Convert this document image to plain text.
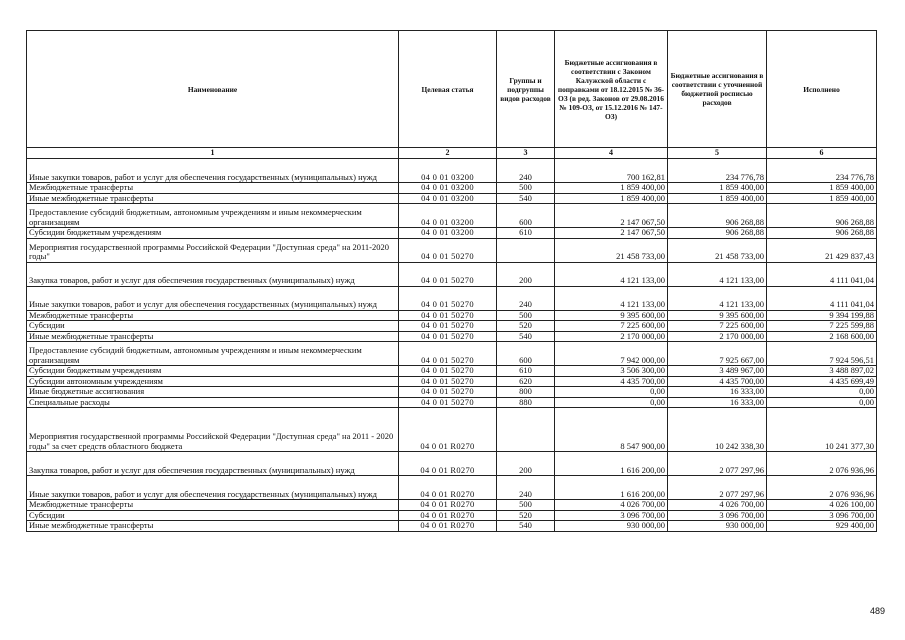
Наименование	Целевая статья	Группы и подгруппы видов расходов	Бюджетные ассигнования в соответствии с Законом Калужской области с поправками от 18.12.2015 № 36-ОЗ (в ред. Законов от 29.08.2016 № 109-ОЗ, от 15.12.2016 № 147-ОЗ)	Бюджетные ассигнования в соответствии с уточненной бюджетной росписью расходов	Исполнено
1	2	3	4	5	6
Иные закупки товаров, работ и услуг для обеспечения государственных (муниципальных) нужд	04 0 01 03200	240	700 162,81	234 776,78	234 776,78
Межбюджетные трансферты	04 0 01 03200	500	1 859 400,00	1 859 400,00	1 859 400,00
Иные межбюджетные трансферты	04 0 01 03200	540	1 859 400,00	1 859 400,00	1 859 400,00
Предоставление субсидий бюджетным, автономным учреждениям и иным некоммерческим организациям	04 0 01 03200	600	2 147 067,50	906 268,88	906 268,88
Субсидии бюджетным учреждениям	04 0 01 03200	610	2 147 067,50	906 268,88	906 268,88
Мероприятия государственной программы Российской Федерации "Доступная среда" на 2011-2020 годы"	04 0 01 50270		21 458 733,00	21 458 733,00	21 429 837,43
Закупка товаров, работ и услуг для обеспечения государственных (муниципальных) нужд	04 0 01 50270	200	4 121 133,00	4 121 133,00	4 111 041,04
Иные закупки товаров, работ и услуг для обеспечения государственных (муниципальных) нужд	04 0 01 50270	240	4 121 133,00	4 121 133,00	4 111 041,04
Межбюджетные трансферты	04 0 01 50270	500	9 395 600,00	9 395 600,00	9 394 199,88
Субсидии	04 0 01 50270	520	7 225 600,00	7 225 600,00	7 225 599,88
Иные межбюджетные трансферты	04 0 01 50270	540	2 170 000,00	2 170 000,00	2 168 600,00
Предоставление субсидий бюджетным, автономным учреждениям и иным некоммерческим организациям	04 0 01 50270	600	7 942 000,00	7 925 667,00	7 924 596,51
Субсидии бюджетным учреждениям	04 0 01 50270	610	3 506 300,00	3 489 967,00	3 488 897,02
Субсидии автономным учреждениям	04 0 01 50270	620	4 435 700,00	4 435 700,00	4 435 699,49
Иные бюджетные ассигнования	04 0 01 50270	800	0,00	16 333,00	0,00
Специальные расходы	04 0 01 50270	880	0,00	16 333,00	0,00
Мероприятия государственной программы Российской Федерации "Доступная среда" на 2011 - 2020 годы" за счет средств областного бюджета	04 0 01 R0270		8 547 900,00	10 242 338,30	10 241 377,30
Закупка товаров, работ и услуг для обеспечения государственных (муниципальных) нужд	04 0 01 R0270	200	1 616 200,00	2 077 297,96	2 076 936,96
Иные закупки товаров, работ и услуг для обеспечения государственных (муниципальных) нужд	04 0 01 R0270	240	1 616 200,00	2 077 297,96	2 076 936,96
Межбюджетные трансферты	04 0 01 R0270	500	4 026 700,00	4 026 700,00	4 026 100,00
Субсидии	04 0 01 R0270	520	3 096 700,00	3 096 700,00	3 096 700,00
Иные межбюджетные трансферты	04 0 01 R0270	540	930 000,00	930 000,00	929 400,00
489
